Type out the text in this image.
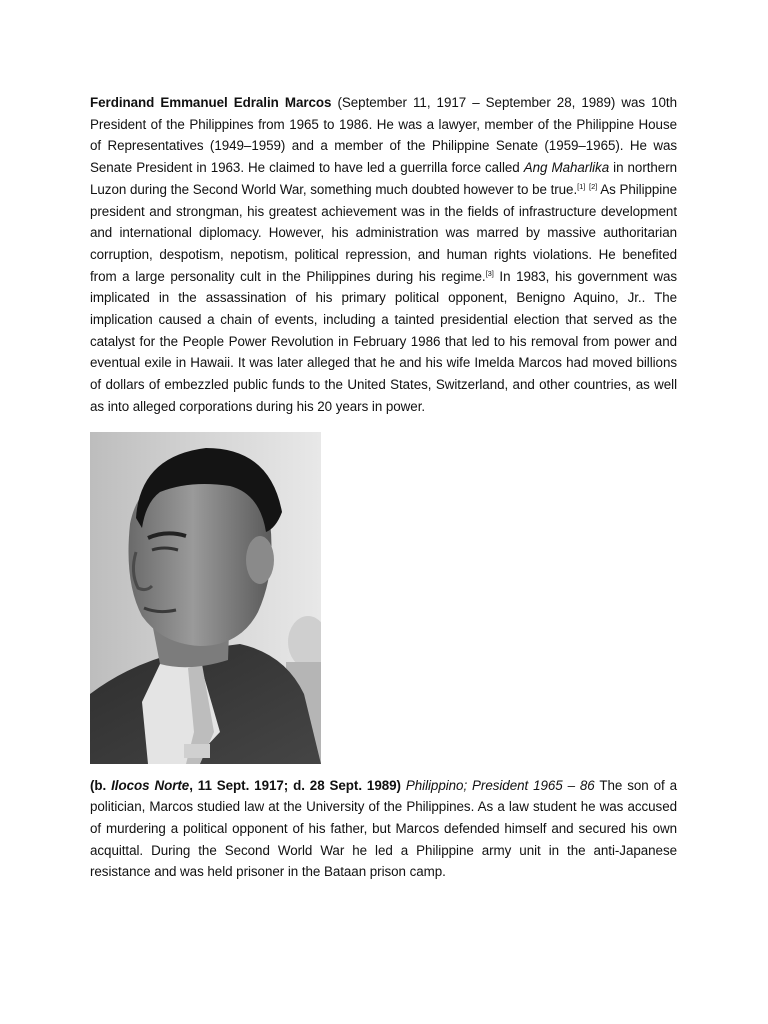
Ferdinand Emmanuel Edralin Marcos (September 11, 1917 – September 28, 1989) was 10th President of the Philippines from 1965 to 1986. He was a lawyer, member of the Philippine House of Representatives (1949–1959) and a member of the Philippine Senate (1959–1965). He was Senate President in 1963. He claimed to have led a guerrilla force called Ang Maharlika in northern Luzon during the Second World War, something much doubted however to be true.[1] [2] As Philippine president and strongman, his greatest achievement was in the fields of infrastructure development and international diplomacy. However, his administration was marred by massive authoritarian corruption, despotism, nepotism, political repression, and human rights violations. He benefited from a large personality cult in the Philippines during his regime.[3] In 1983, his government was implicated in the assassination of his primary political opponent, Benigno Aquino, Jr.. The implication caused a chain of events, including a tainted presidential election that served as the catalyst for the People Power Revolution in February 1986 that led to his removal from power and eventual exile in Hawaii. It was later alleged that he and his wife Imelda Marcos had moved billions of dollars of embezzled public funds to the United States, Switzerland, and other countries, as well as into alleged corporations during his 20 years in power.

(b. Ilocos Norte, 11 Sept. 1917; d. 28 Sept. 1989) Philippino; President 1965 – 86 The son of a politician, Marcos studied law at the University of the Philippines. As a law student he was accused of murdering a political opponent of his father, but Marcos defended himself and secured his own acquittal. During the Second World War he led a Philippine army unit in the anti-Japanese resistance and was held prisoner in the Bataan prison camp.
